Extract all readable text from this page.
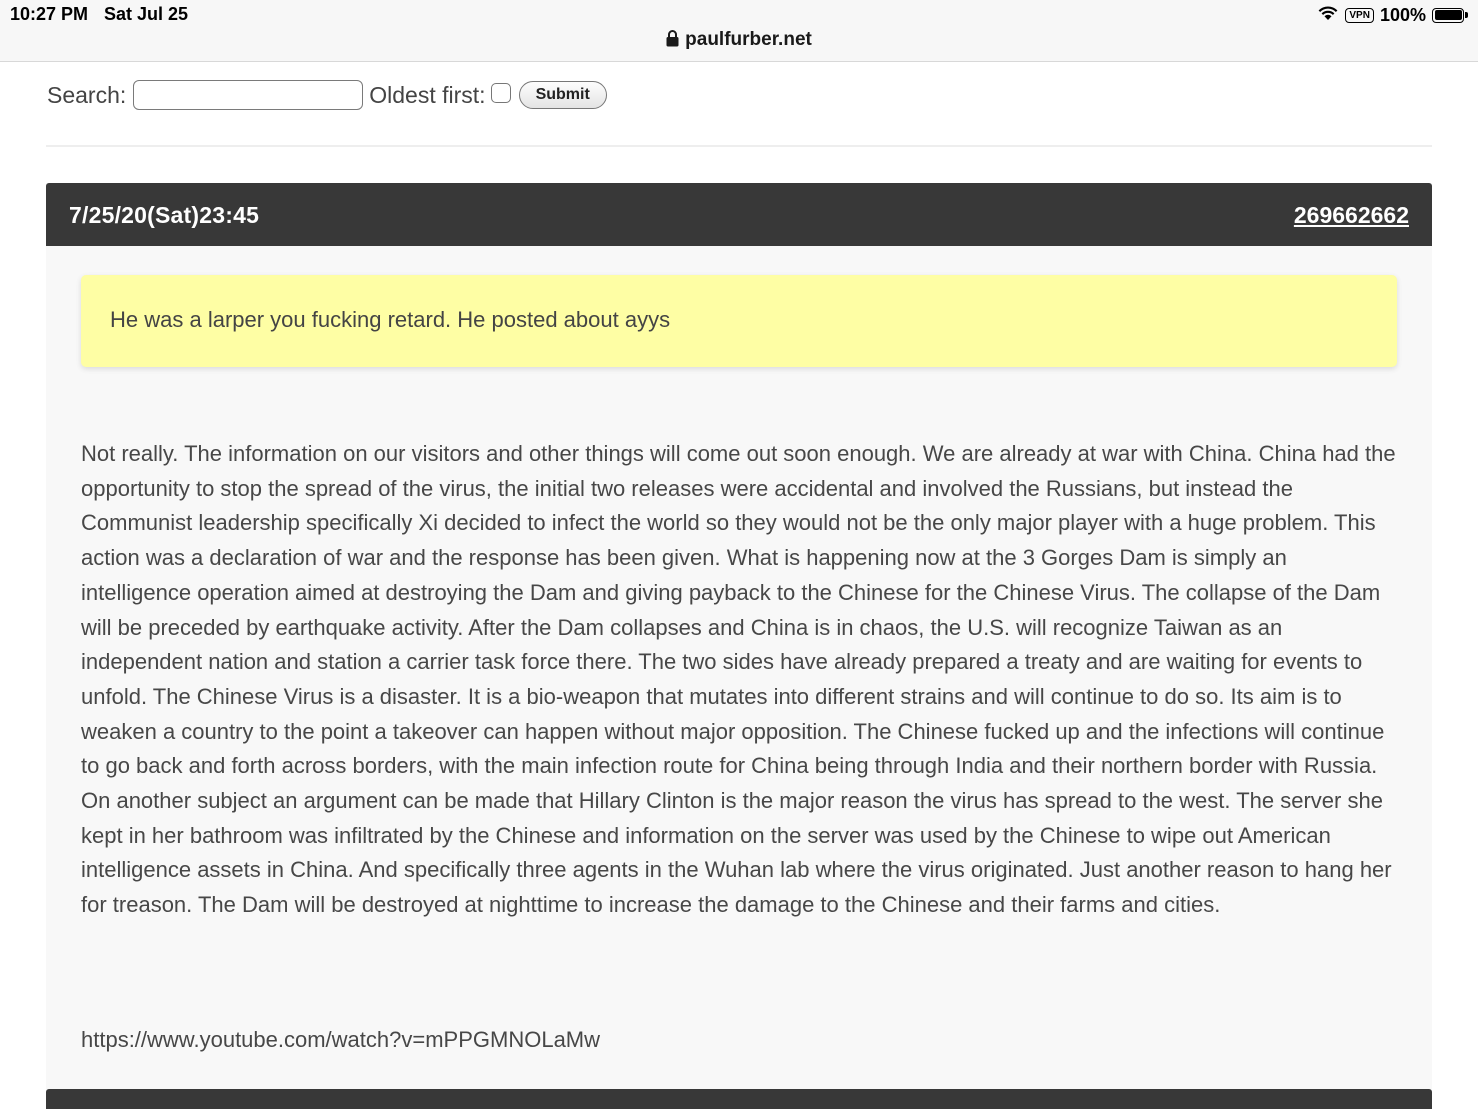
10:27 PM Sat Jul 25	VPN 100%
paulfurber.net
Search:	Oldest first:	Submit
7/25/20(Sat)23:45	269662662
He was a larper you fucking retard. He posted about ayys
Not really. The information on our visitors and other things will come out soon enough. We are already at war with China. China had the opportunity to stop the spread of the virus, the initial two releases were accidental and involved the Russians, but instead the Communist leadership specifically Xi decided to infect the world so they would not be the only major player with a huge problem. This action was a declaration of war and the response has been given. What is happening now at the 3 Gorges Dam is simply an intelligence operation aimed at destroying the Dam and giving payback to the Chinese for the Chinese Virus. The collapse of the Dam will be preceded by earthquake activity. After the Dam collapses and China is in chaos, the U.S. will recognize Taiwan as an independent nation and station a carrier task force there. The two sides have already prepared a treaty and are waiting for events to unfold. The Chinese Virus is a disaster. It is a bio-weapon that mutates into different strains and will continue to do so. Its aim is to weaken a country to the point a takeover can happen without major opposition. The Chinese fucked up and the infections will continue to go back and forth across borders, with the main infection route for China being through India and their northern border with Russia. On another subject an argument can be made that Hillary Clinton is the major reason the virus has spread to the west. The server she kept in her bathroom was infiltrated by the Chinese and information on the server was used by the Chinese to wipe out American intelligence assets in China. And specifically three agents in the Wuhan lab where the virus originated. Just another reason to hang her for treason. The Dam will be destroyed at nighttime to increase the damage to the Chinese and their farms and cities.
https://www.youtube.com/watch?v=mPPGMNOLaMw
